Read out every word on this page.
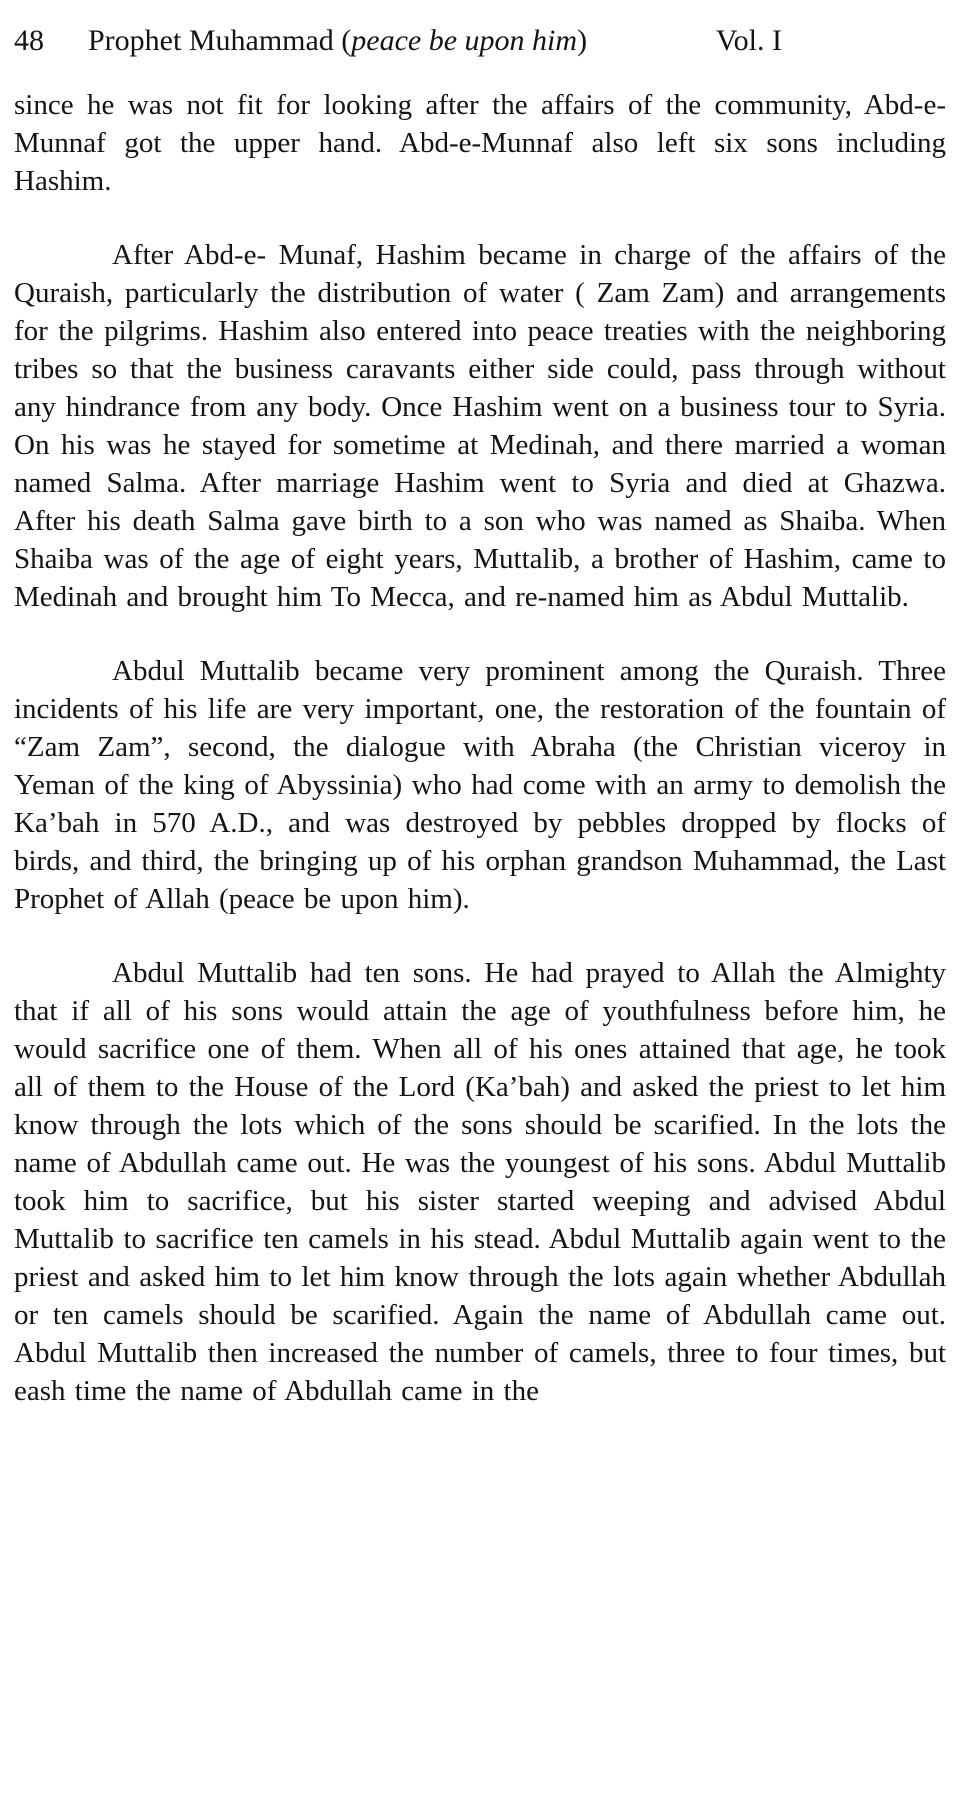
48 Prophet Muhammad (peace be upon him)	Vol. I

since he was not fit for looking after the affairs of the community, Abd-e-Munnaf got the upper hand. Abd-e-Munnaf also left six sons including Hashim.

After Abd-e- Munaf, Hashim became in charge of the affairs of the Quraish, particularly the distribution of water ( Zam Zam) and arrangements for the pilgrims. Hashim also entered into peace treaties with the neighboring tribes so that the business caravants either side could, pass through without any hindrance from any body. Once Hashim went on a business tour to Syria. On his was he stayed for sometime at Medinah, and there married a woman named Salma. After marriage Hashim went to Syria and died at Ghazwa. After his death Salma gave birth to a son who was named as Shaiba. When Shaiba was of the age of eight years, Muttalib, a brother of Hashim, came to Medinah and brought him To Mecca, and re-named him as Abdul Muttalib.

Abdul Muttalib became very prominent among the Quraish. Three incidents of his life are very important, one, the restoration of the fountain of “Zam Zam”, second, the dialogue with Abraha (the Christian viceroy in Yeman of the king of Abyssinia) who had come with an army to demolish the Ka’bah in 570 A.D., and was destroyed by pebbles dropped by flocks of birds, and third, the bringing up of his orphan grandson Muhammad, the Last Prophet of Allah (peace be upon him).

Abdul Muttalib had ten sons. He had prayed to Allah the Almighty that if all of his sons would attain the age of youthfulness before him, he would sacrifice one of them. When all of his ones attained that age, he took all of them to the House of the Lord (Ka’bah) and asked the priest to let him know through the lots which of the sons should be scarified. In the lots the name of Abdullah came out. He was the youngest of his sons. Abdul Muttalib took him to sacrifice, but his sister started weeping and advised Abdul Muttalib to sacrifice ten camels in his stead. Abdul Muttalib again went to the priest and asked him to let him know through the lots again whether Abdullah or ten camels should be scarified. Again the name of Abdullah came out. Abdul Muttalib then increased the number of camels, three to four times, but eash time the name of Abdullah came in the
